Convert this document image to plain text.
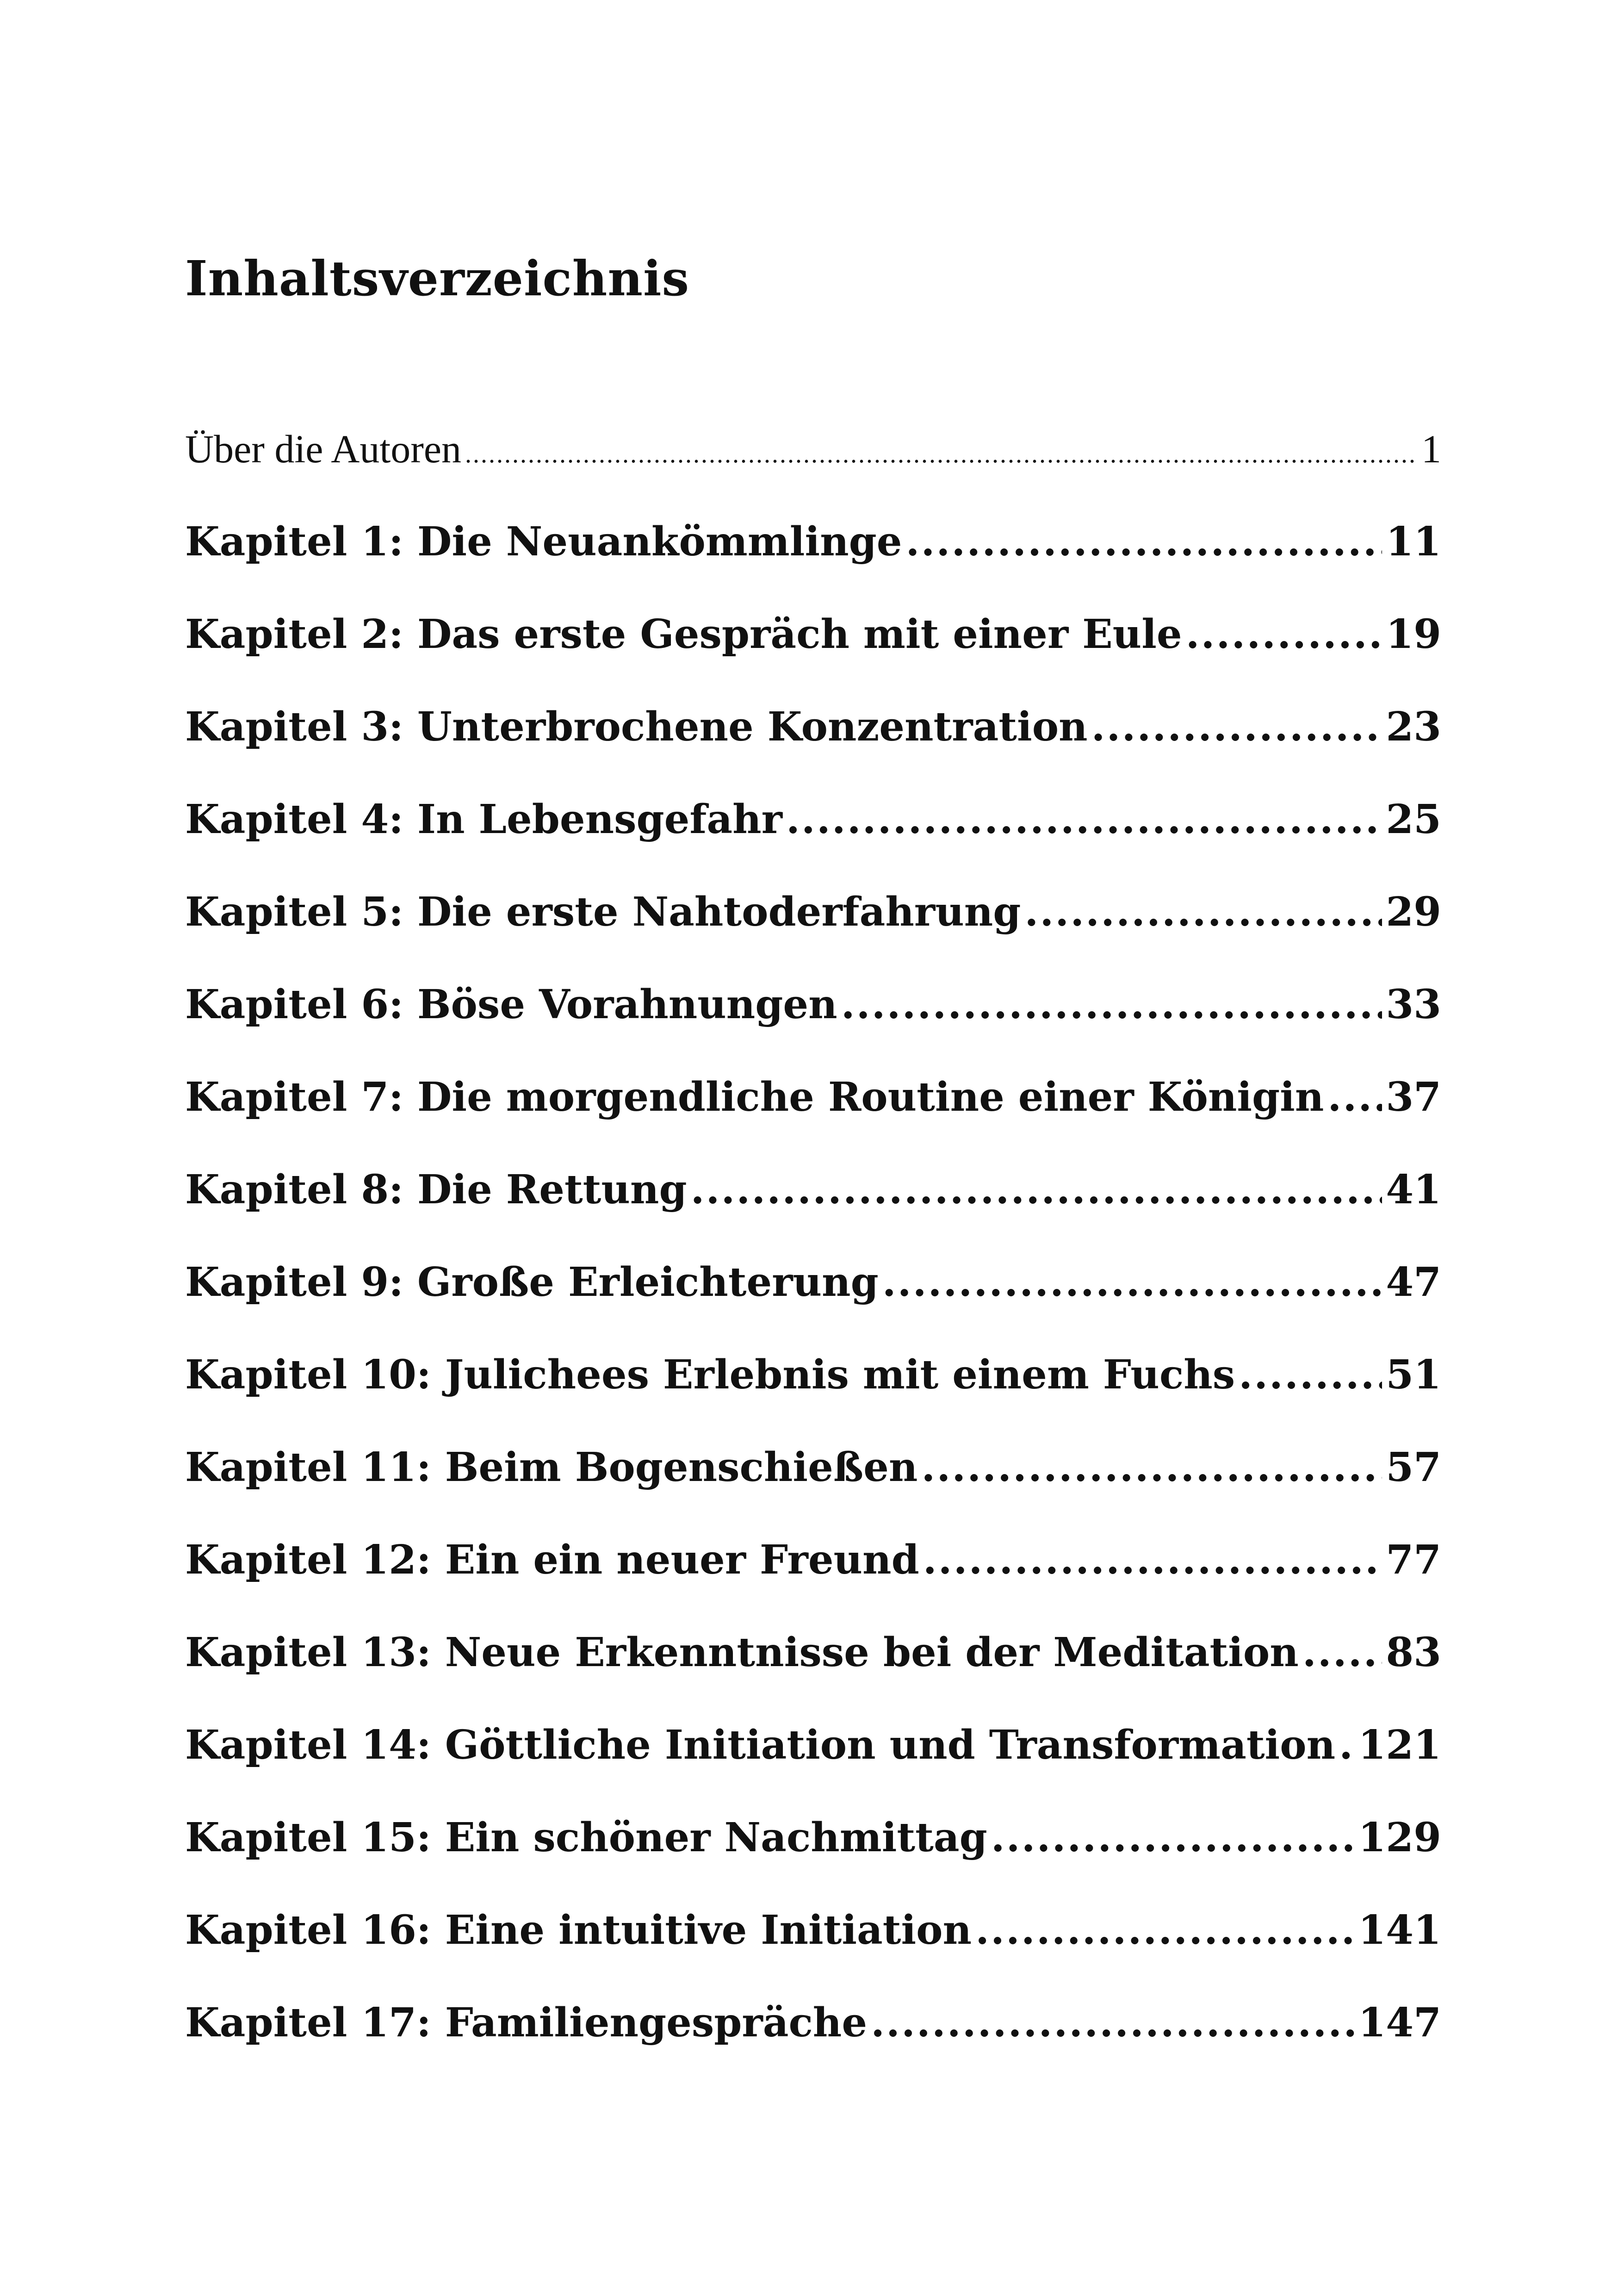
Inhaltsverzeichnis
Über die Autoren .....	1
Kapitel 1: Die Neuankömmlinge .....	11
Kapitel 2: Das erste Gespräch mit einer Eule .....	19
Kapitel 3: Unterbrochene Konzentration .....	23
Kapitel 4: In Lebensgefahr .....	25
Kapitel 5: Die erste Nahtoderfahrung .....	29
Kapitel 6: Böse Vorahnungen .....	33
Kapitel 7: Die morgendliche Routine einer Königin ..... 37
Kapitel 8: Die Rettung .....	41
Kapitel 9: Große Erleichterung .....	47
Kapitel 10: Julichees Erlebnis mit einem Fuchs .....	51
Kapitel 11: Beim Bogenschießen .....	57
Kapitel 12: Ein ein neuer Freund .....	77
Kapitel 13: Neue Erkenntnisse bei der Meditation ..... 83
Kapitel 14: Göttliche Initiation und Transformation ..... 121
Kapitel 15: Ein schöner Nachmittag .....	129
Kapitel 16: Eine intuitive Initiation .....	141
Kapitel 17: Familiengespräche .....	147
